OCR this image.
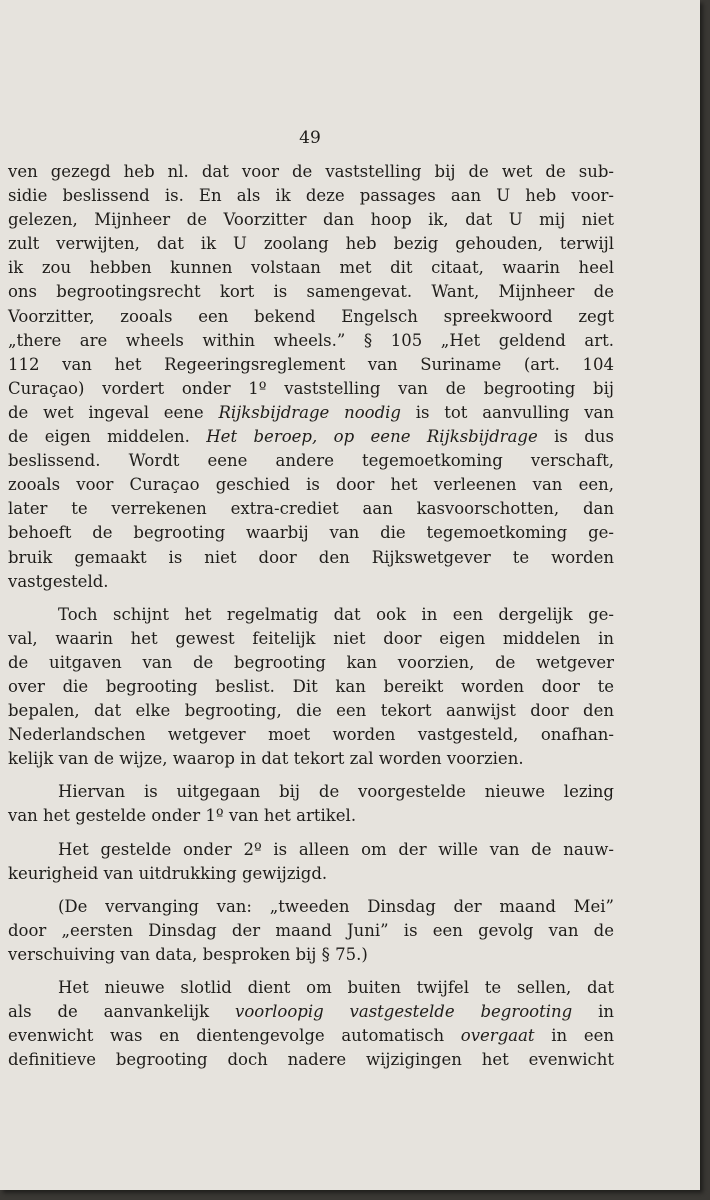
49
ven gezegd heb nl. dat voor de vaststelling bij de wet de sub-
sidie beslissend is. En als ik deze passages aan U heb voor-
gelezen, Mijnheer de Voorzitter dan hoop ik, dat U mij niet
zult verwijten, dat ik U zoolang heb bezig gehouden, terwijl
ik zou hebben kunnen volstaan met dit citaat, waarin heel
ons begrootingsrecht kort is samengevat. Want, Mijnheer de
Voorzitter, zooals een bekend Engelsch spreekwoord zegt
„there are wheels within wheels.” § 105 „Het geldend art.
112 van het Regeeringsreglement van Suriname (art. 104
Curaçao) vordert onder 1º vaststelling van de begrooting bij
de wet ingeval eene Rijksbijdrage noodig is tot aanvulling van
de eigen middelen. Het beroep, op eene Rijksbijdrage is dus
beslissend. Wordt eene andere tegemoetkoming verschaft,
zooals voor Curaçao geschied is door het verleenen van een,
later te verrekenen extra-crediet aan kasvoorschotten, dan
behoeft de begrooting waarbij van die tegemoetkoming ge-
bruik gemaakt is niet door den Rijkswetgever te worden
vastgesteld.
Toch schijnt het regelmatig dat ook in een dergelijk ge-
val, waarin het gewest feitelijk niet door eigen middelen in
de uitgaven van de begrooting kan voorzien, de wetgever
over die begrooting beslist. Dit kan bereikt worden door te
bepalen, dat elke begrooting, die een tekort aanwijst door den
Nederlandschen wetgever moet worden vastgesteld, onafhan-
kelijk van de wijze, waarop in dat tekort zal worden voorzien.
Hiervan is uitgegaan bij de voorgestelde nieuwe lezing
van het gestelde onder 1º van het artikel.
Het gestelde onder 2º is alleen om der wille van de nauw-
keurigheid van uitdrukking gewijzigd.
(De vervanging van: „tweeden Dinsdag der maand Mei”
door „eersten Dinsdag der maand Juni” is een gevolg van de
verschuiving van data, besproken bij § 75.)
Het nieuwe slotlid dient om buiten twijfel te sellen, dat
als de aanvankelijk voorloopig vastgestelde begrooting in
evenwicht was en dientengevolge automatisch overgaat in een
definitieve begrooting doch nadere wijzigingen het evenwicht
